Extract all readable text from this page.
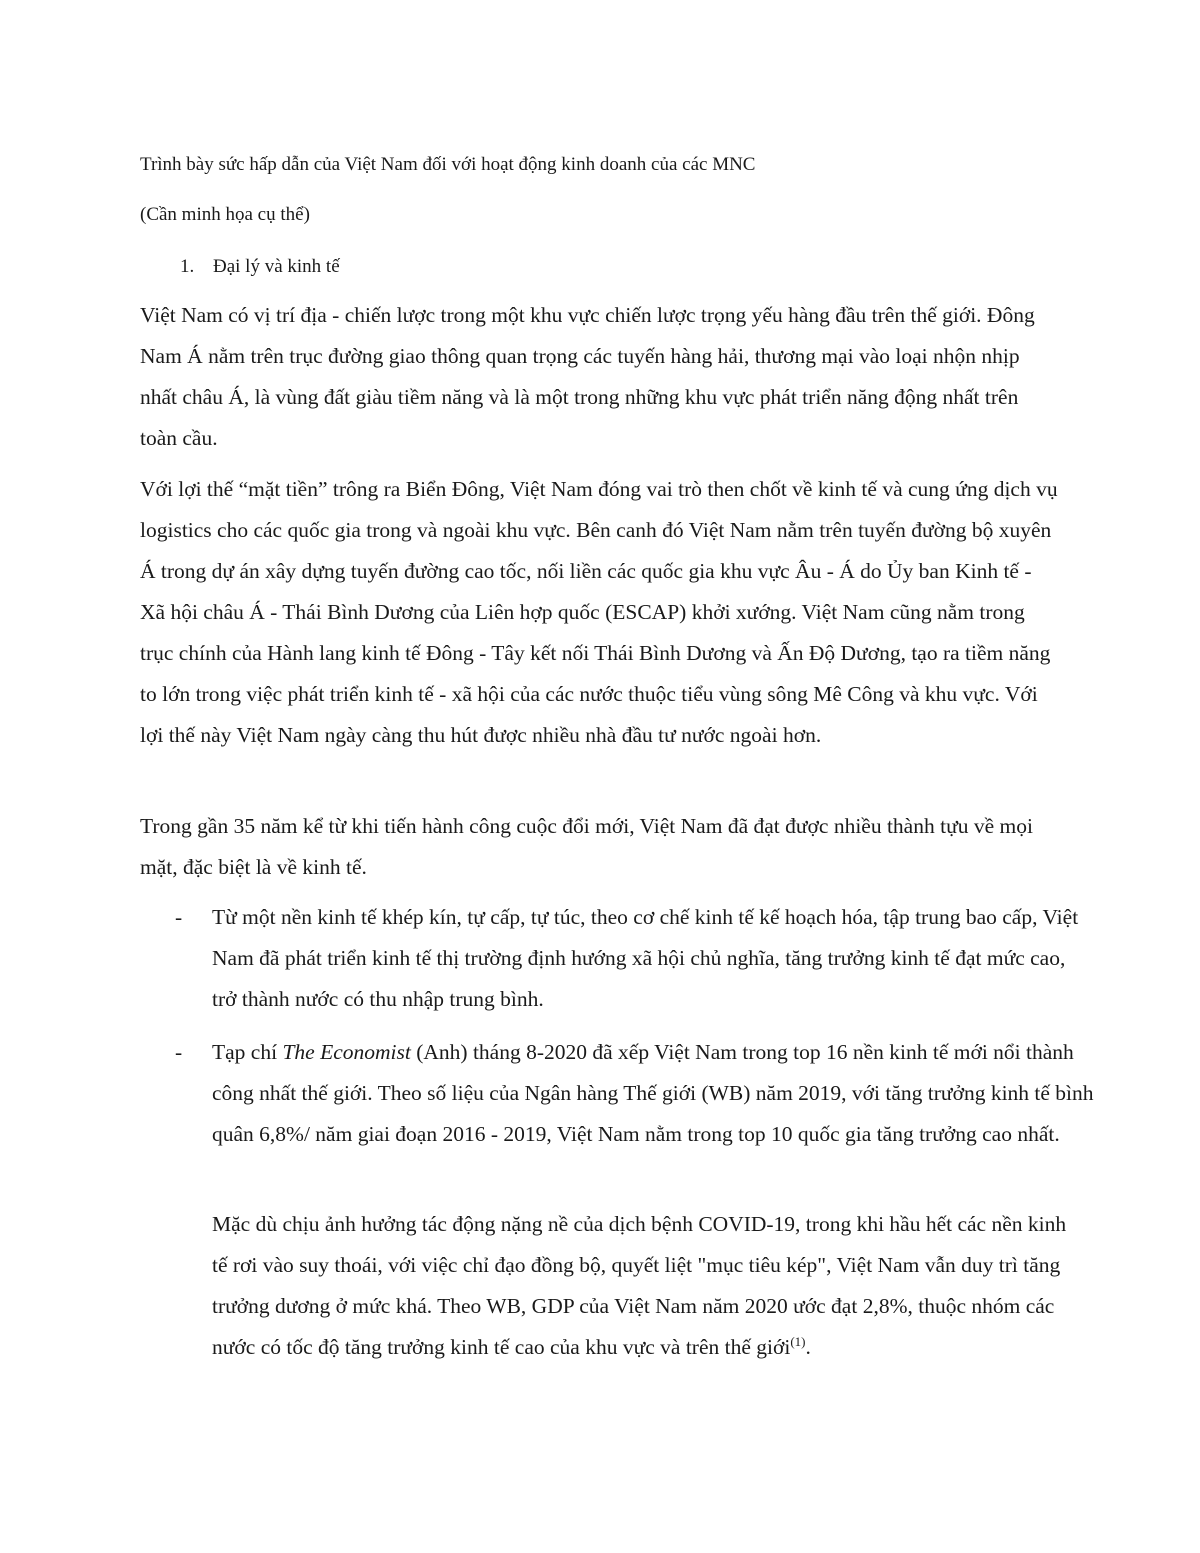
Trình bày sức hấp dẫn của Việt Nam đối với hoạt động kinh doanh của các MNC
(Cần minh họa cụ thể)
1. Đại lý và kinh tế

Việt Nam có vị trí địa - chiến lược trong một khu vực chiến lược trọng yếu hàng đầu trên thế giới. Đông Nam Á nằm trên trục đường giao thông quan trọng các tuyến hàng hải, thương mại vào loại nhộn nhịp nhất châu Á, là vùng đất giàu tiềm năng và là một trong những khu vực phát triển năng động nhất trên toàn cầu.

Với lợi thế “mặt tiền” trông ra Biển Đông, Việt Nam đóng vai trò then chốt về kinh tế và cung ứng dịch vụ logistics cho các quốc gia trong và ngoài khu vực. Bên canh đó Việt Nam nằm trên tuyến đường bộ xuyên Á trong dự án xây dựng tuyến đường cao tốc, nối liền các quốc gia khu vực Âu - Á do Ủy ban Kinh tế - Xã hội châu Á - Thái Bình Dương của Liên hợp quốc (ESCAP) khởi xướng. Việt Nam cũng nằm trong trục chính của Hành lang kinh tế Đông - Tây kết nối Thái Bình Dương và Ấn Độ Dương, tạo ra tiềm năng to lớn trong việc phát triển kinh tế - xã hội của các nước thuộc tiểu vùng sông Mê Công và khu vực. Với lợi thế này Việt Nam ngày càng thu hút được nhiều nhà đầu tư nước ngoài hơn.

Trong gần 35 năm kể từ khi tiến hành công cuộc đổi mới, Việt Nam đã đạt được nhiều thành tựu về mọi mặt, đặc biệt là về kinh tế.

-	Từ một nền kinh tế khép kín, tự cấp, tự túc, theo cơ chế kinh tế kế hoạch hóa, tập trung bao cấp, Việt Nam đã phát triển kinh tế thị trường định hướng xã hội chủ nghĩa, tăng trưởng kinh tế đạt mức cao, trở thành nước có thu nhập trung bình.

-	Tạp chí The Economist (Anh) tháng 8-2020 đã xếp Việt Nam trong top 16 nền kinh tế mới nổi thành công nhất thế giới. Theo số liệu của Ngân hàng Thế giới (WB) năm 2019, với tăng trưởng kinh tế bình quân 6,8%/ năm giai đoạn 2016 - 2019, Việt Nam nằm trong top 10 quốc gia tăng trưởng cao nhất.

Mặc dù chịu ảnh hưởng tác động nặng nề của dịch bệnh COVID-19, trong khi hầu hết các nền kinh tế rơi vào suy thoái, với việc chỉ đạo đồng bộ, quyết liệt "mục tiêu kép", Việt Nam vẫn duy trì tăng trưởng dương ở mức khá. Theo WB, GDP của Việt Nam năm 2020 ước đạt 2,8%, thuộc nhóm các nước có tốc độ tăng trưởng kinh tế cao của khu vực và trên thế giới$^{(1)}$.
